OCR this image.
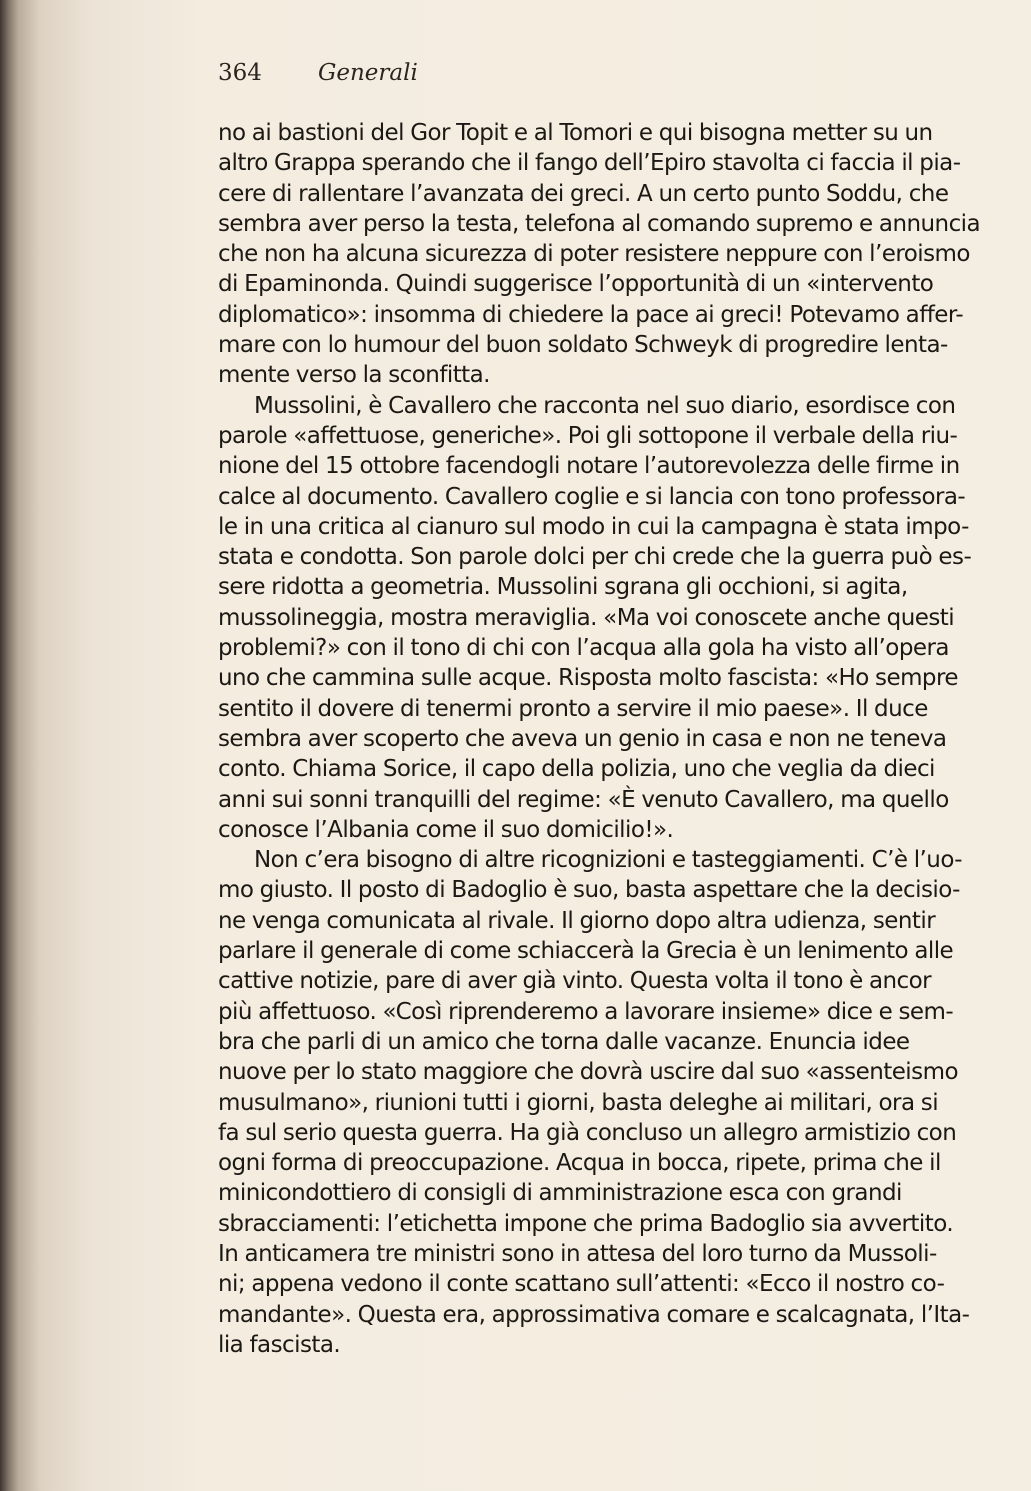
364 Generali
no ai bastioni del Gor Topit e al Tomori e qui bisogna metter su un
altro Grappa sperando che il fango dell’Epiro stavolta ci faccia il pia-
cere di rallentare l’avanzata dei greci. A un certo punto Soddu, che
sembra aver perso la testa, telefona al comando supremo e annuncia
che non ha alcuna sicurezza di poter resistere neppure con l’eroismo
di Epaminonda. Quindi suggerisce l’opportunità di un «intervento
diplomatico»: insomma di chiedere la pace ai greci! Potevamo affer-
mare con lo humour del buon soldato Schweyk di progredire lenta-
mente verso la sconfitta.
Mussolini, è Cavallero che racconta nel suo diario, esordisce con
parole «affettuose, generiche». Poi gli sottopone il verbale della riu-
nione del 15 ottobre facendogli notare l’autorevolezza delle firme in
calce al documento. Cavallero coglie e si lancia con tono professora-
le in una critica al cianuro sul modo in cui la campagna è stata impo-
stata e condotta. Son parole dolci per chi crede che la guerra può es-
sere ridotta a geometria. Mussolini sgrana gli occhioni, si agita,
mussolineggia, mostra meraviglia. «Ma voi conoscete anche questi
problemi?» con il tono di chi con l’acqua alla gola ha visto all’opera
uno che cammina sulle acque. Risposta molto fascista: «Ho sempre
sentito il dovere di tenermi pronto a servire il mio paese». Il duce
sembra aver scoperto che aveva un genio in casa e non ne teneva
conto. Chiama Sorice, il capo della polizia, uno che veglia da dieci
anni sui sonni tranquilli del regime: «È venuto Cavallero, ma quello
conosce l’Albania come il suo domicilio!».
Non c’era bisogno di altre ricognizioni e tasteggiamenti. C’è l’uo-
mo giusto. Il posto di Badoglio è suo, basta aspettare che la decisio-
ne venga comunicata al rivale. Il giorno dopo altra udienza, sentir
parlare il generale di come schiaccerà la Grecia è un lenimento alle
cattive notizie, pare di aver già vinto. Questa volta il tono è ancor
più affettuoso. «Così riprenderemo a lavorare insieme» dice e sem-
bra che parli di un amico che torna dalle vacanze. Enuncia idee
nuove per lo stato maggiore che dovrà uscire dal suo «assenteismo
musulmano», riunioni tutti i giorni, basta deleghe ai militari, ora si
fa sul serio questa guerra. Ha già concluso un allegro armistizio con
ogni forma di preoccupazione. Acqua in bocca, ripete, prima che il
minicondottiero di consigli di amministrazione esca con grandi
sbracciamenti: l’etichetta impone che prima Badoglio sia avvertito.
In anticamera tre ministri sono in attesa del loro turno da Mussoli-
ni; appena vedono il conte scattano sull’attenti: «Ecco il nostro co-
mandante». Questa era, approssimativa comare e scalcagnata, l’Ita-
lia fascista.
